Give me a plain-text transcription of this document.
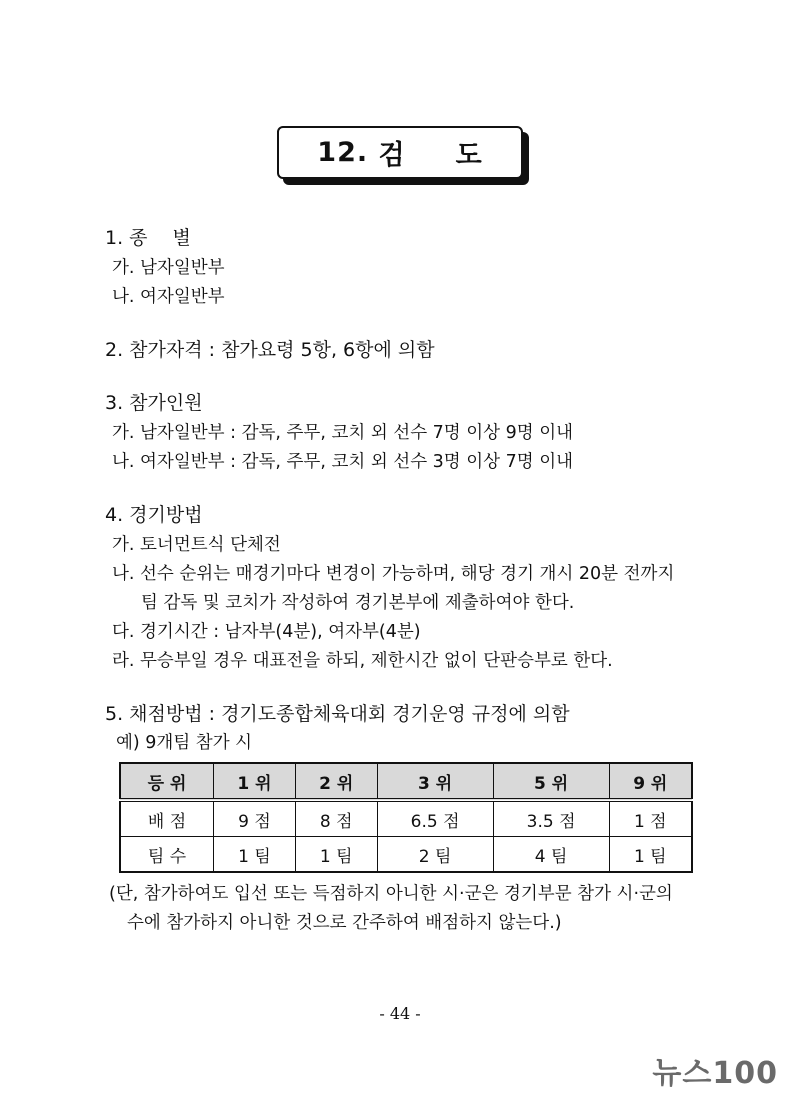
12.
검 도
1. 종　 별
가. 남자일반부
나. 여자일반부
2. 참가자격 : 참가요령 5항, 6항에 의함
3. 참가인원
가. 남자일반부 : 감독, 주무, 코치 외 선수 7명 이상 9명 이내
나. 여자일반부 : 감독, 주무, 코치 외 선수 3명 이상 7명 이내
4. 경기방법
가. 토너먼트식 단체전
나. 선수 순위는 매경기마다 변경이 가능하며, 해당 경기 개시 20분 전까지
팀 감독 및 코치가 작성하여 경기본부에 제출하여야 한다.
다. 경기시간 : 남자부(4분), 여자부(4분)
라. 무승부일 경우 대표전을 하되, 제한시간 없이 단판승부로 한다.
5. 채점방법 : 경기도종합체육대회 경기운영 규정에 의함
예) 9개팀 참가 시
등 위	1 위	2 위	3 위	5 위	9 위
배 점	9 점	8 점	6.5 점	3.5 점	1 점
팀 수	1 팀	1 팀	2 팀	4 팀	1 팀
(단, 참가하여도 입선 또는 득점하지 아니한 시·군은 경기부문 참가 시·군의
수에 참가하지 아니한 것으로 간주하여 배점하지 않는다.)
- 44 -
뉴스100
